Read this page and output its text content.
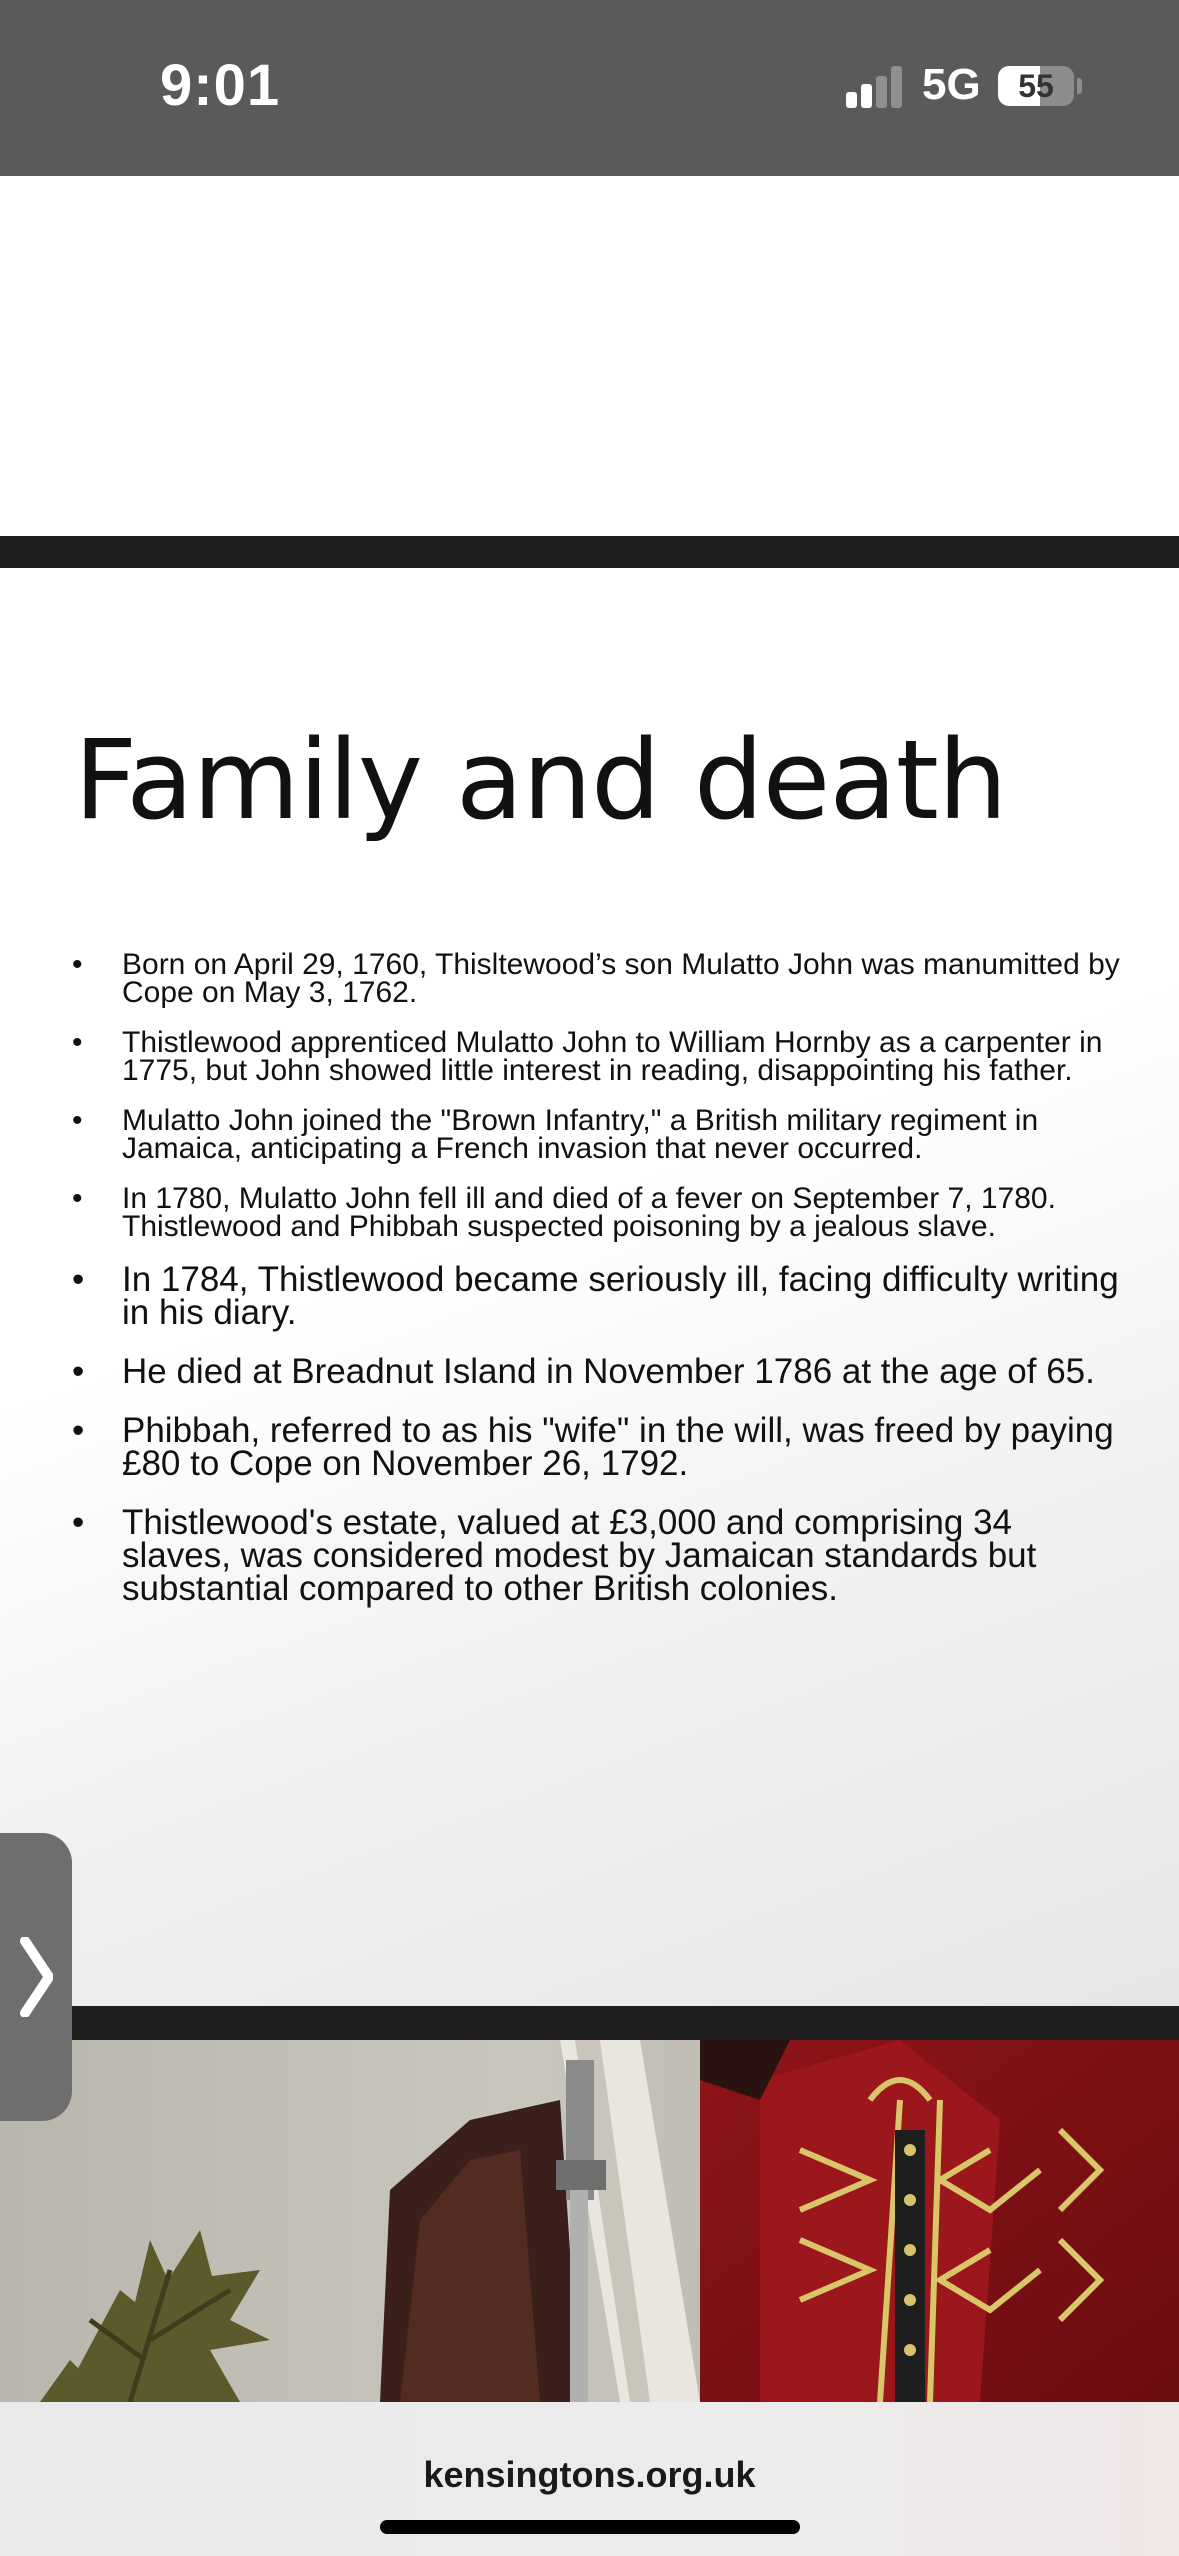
9:01	5G	55
Family and death
• Born on April 29, 1760, Thisltewood’s son Mulatto John was manumitted by Cope on May 3, 1762.
• Thistlewood apprenticed Mulatto John to William Hornby as a carpenter in 1775, but John showed little interest in reading, disappointing his father.
• Mulatto John joined the "Brown Infantry," a British military regiment in Jamaica, anticipating a French invasion that never occurred.
• In 1780, Mulatto John fell ill and died of a fever on September 7, 1780. Thistlewood and Phibbah suspected poisoning by a jealous slave.
• In 1784, Thistlewood became seriously ill, facing difficulty writing in his diary.
• He died at Breadnut Island in November 1786 at the age of 65.
• Phibbah, referred to as his "wife" in the will, was freed by paying £80 to Cope on November 26, 1792.
• Thistlewood's estate, valued at £3,000 and comprising 34 slaves, was considered modest by Jamaican standards but substantial compared to other British colonies.
kensingtons.org.uk
